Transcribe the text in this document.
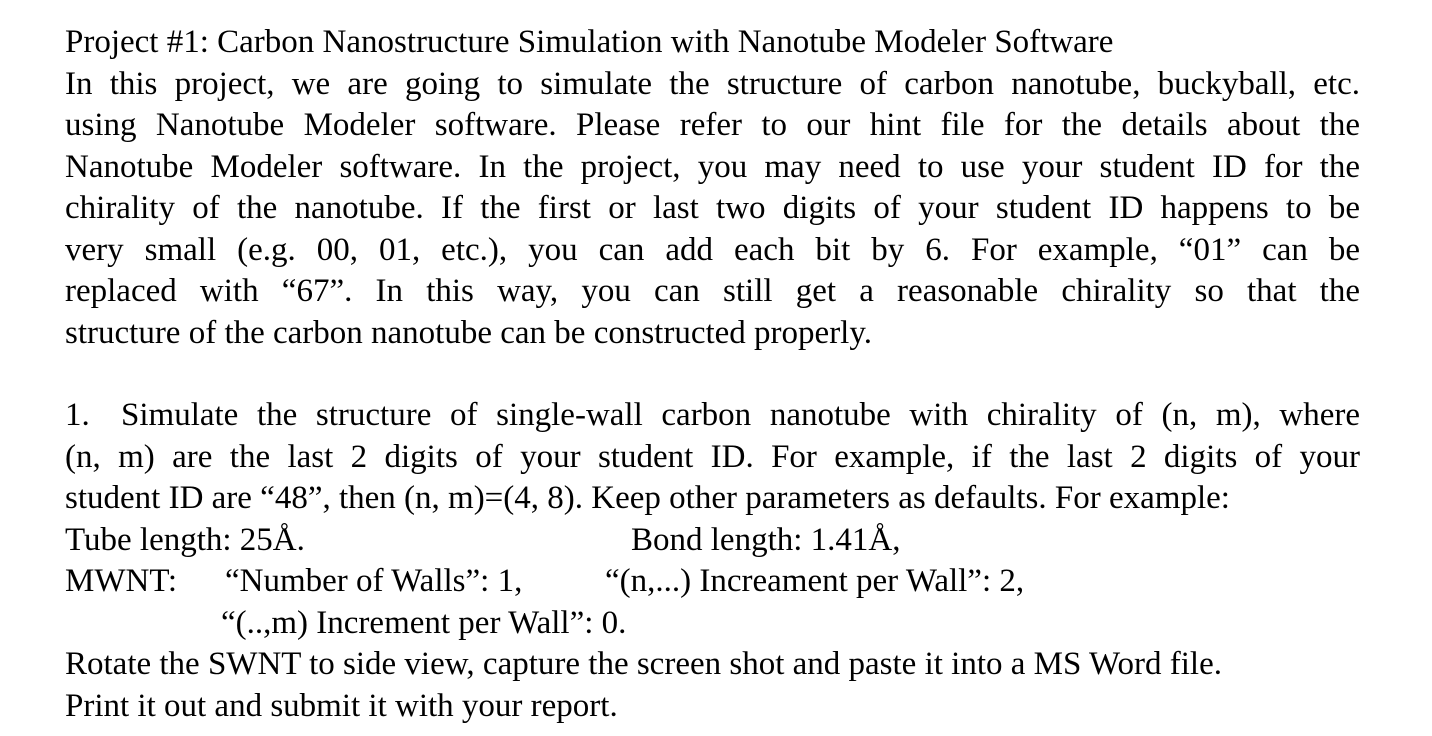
Project #1: Carbon Nanostructure Simulation with Nanotube Modeler Software
In this project, we are going to simulate the structure of carbon nanotube, buckyball, etc.
using Nanotube Modeler software. Please refer to our hint file for the details about the
Nanotube Modeler software. In the project, you may need to use your student ID for the
chirality of the nanotube. If the first or last two digits of your student ID happens to be
very small (e.g. 00, 01, etc.), you can add each bit by 6. For example, “01” can be
replaced with “67”. In this way, you can still get a reasonable chirality so that the
structure of the carbon nanotube can be constructed properly.
1. Simulate the structure of single-wall carbon nanotube with chirality of (n, m), where
(n, m) are the last 2 digits of your student ID. For example, if the last 2 digits of your
student ID are “48”, then (n, m)=(4, 8). Keep other parameters as defaults. For example:
Tube length: 25Å.	Bond length: 1.41Å,
MWNT: “Number of Walls”: 1,	“(n,...) Increament per Wall”: 2,
“(..,m) Increment per Wall”: 0.
Rotate the SWNT to side view, capture the screen shot and paste it into a MS Word file.
Print it out and submit it with your report.
